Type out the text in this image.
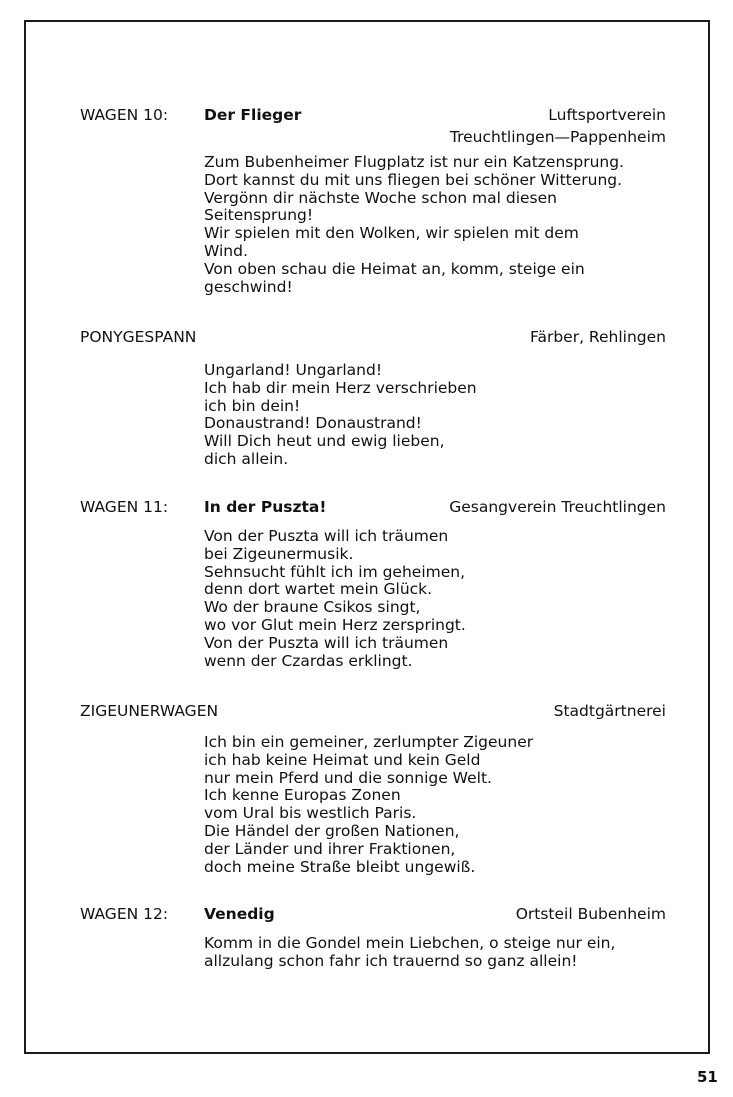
WAGEN 10: Der Flieger	Luftsportverein
Treuchtlingen—Pappenheim
Zum Bubenheimer Flugplatz ist nur ein Katzensprung.
Dort kannst du mit uns fliegen bei schöner Witterung.
Vergönn dir nächste Woche schon mal diesen
Seitensprung!
Wir spielen mit den Wolken, wir spielen mit dem
Wind.
Von oben schau die Heimat an, komm, steige ein
geschwind!
PONYGESPANN	Färber, Rehlingen
Ungarland! Ungarland!
Ich hab dir mein Herz verschrieben
ich bin dein!
Donaustrand! Donaustrand!
Will Dich heut und ewig lieben,
dich allein.
WAGEN 11: In der Puszta!	Gesangverein Treuchtlingen
Von der Puszta will ich träumen
bei Zigeunermusik.
Sehnsucht fühlt ich im geheimen,
denn dort wartet mein Glück.
Wo der braune Csikos singt,
wo vor Glut mein Herz zerspringt.
Von der Puszta will ich träumen
wenn der Czardas erklingt.
ZIGEUNERWAGEN	Stadtgärtnerei
Ich bin ein gemeiner, zerlumpter Zigeuner
ich hab keine Heimat und kein Geld
nur mein Pferd und die sonnige Welt.
Ich kenne Europas Zonen
vom Ural bis westlich Paris.
Die Händel der großen Nationen,
der Länder und ihrer Fraktionen,
doch meine Straße bleibt ungewiß.
WAGEN 12: Venedig	Ortsteil Bubenheim
Komm in die Gondel mein Liebchen, o steige nur ein,
allzulang schon fahr ich trauernd so ganz allein!
51
